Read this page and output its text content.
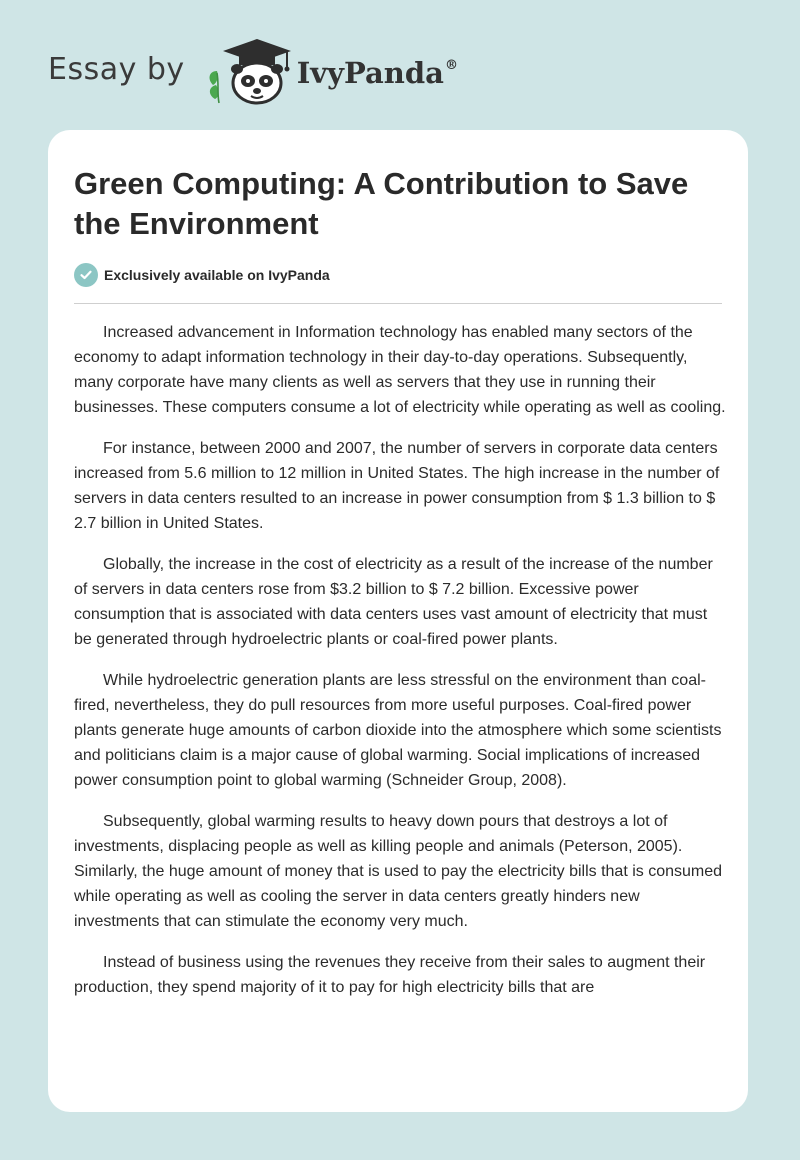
Essay by	IvyPanda®
Green Computing: A Contribution to Save the Environment
Exclusively available on IvyPanda

Increased advancement in Information technology has enabled many sectors of the economy to adapt information technology in their day-to-day operations. Subsequently, many corporate have many clients as well as servers that they use in running their businesses. These computers consume a lot of electricity while operating as well as cooling.

For instance, between 2000 and 2007, the number of servers in corporate data centers increased from 5.6 million to 12 million in United States. The high increase in the number of servers in data centers resulted to an increase in power consumption from $ 1.3 billion to $ 2.7 billion in United States.

Globally, the increase in the cost of electricity as a result of the increase of the number of servers in data centers rose from $3.2 billion to $ 7.2 billion. Excessive power consumption that is associated with data centers uses vast amount of electricity that must be generated through hydroelectric plants or coal-fired power plants.

While hydroelectric generation plants are less stressful on the environment than coal-fired, nevertheless, they do pull resources from more useful purposes. Coal-fired power plants generate huge amounts of carbon dioxide into the atmosphere which some scientists and politicians claim is a major cause of global warming. Social implications of increased power consumption point to global warming (Schneider Group, 2008).

Subsequently, global warming results to heavy down pours that destroys a lot of investments, displacing people as well as killing people and animals (Peterson, 2005). Similarly, the huge amount of money that is used to pay the electricity bills that is consumed while operating as well as cooling the server in data centers greatly hinders new investments that can stimulate the economy very much.

Instead of business using the revenues they receive from their sales to augment their production, they spend majority of it to pay for high electricity bills that are
